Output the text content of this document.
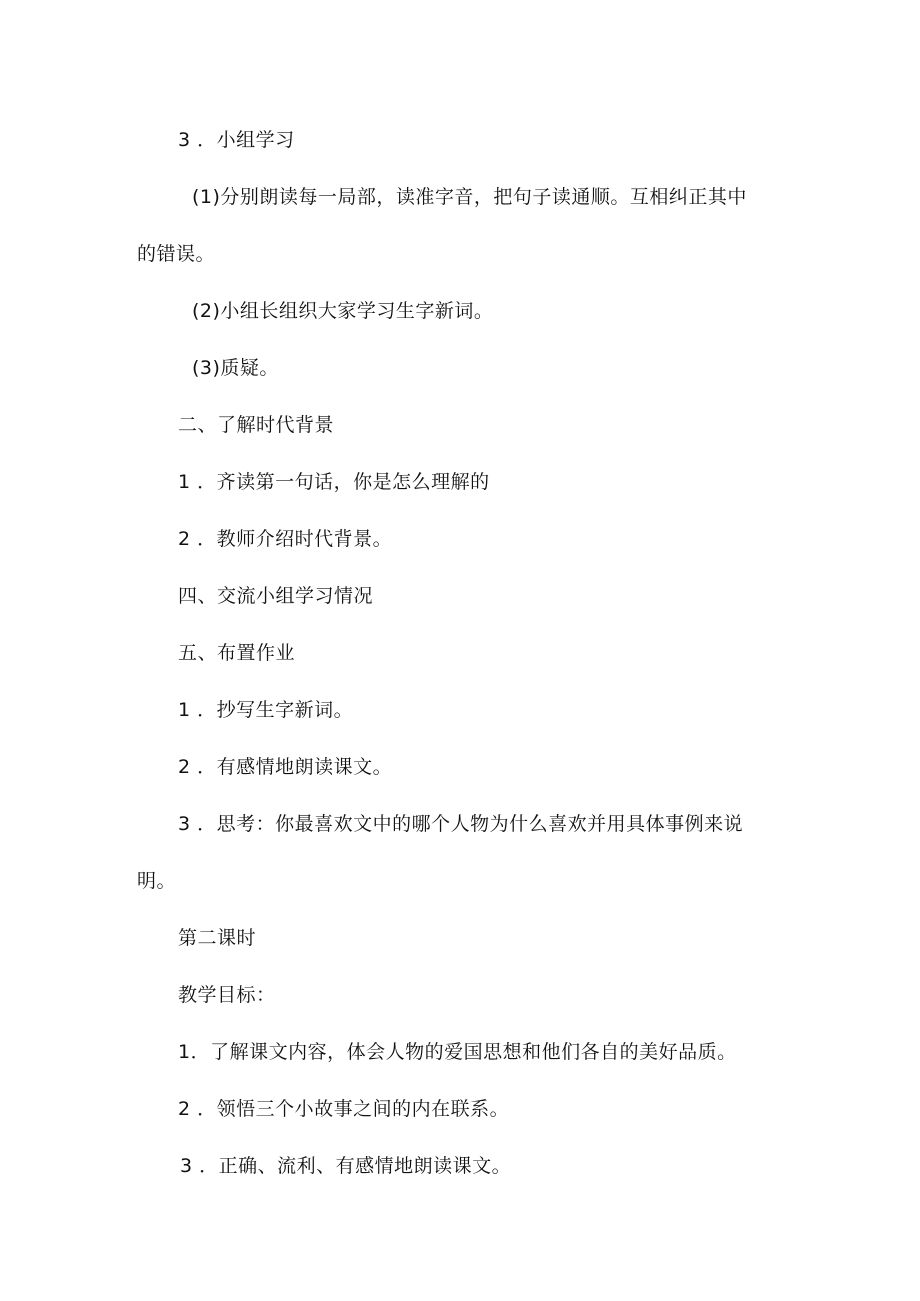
3 ．小组学习
(1)分别朗读每一局部，读准字音，把句子读通顺。互相纠正其中
的错误。
(2)小组长组织大家学习生字新词。
(3)质疑。
二、了解时代背景
1 ．齐读第一句话，你是怎么理解的
2 ．教师介绍时代背景。
四、交流小组学习情况
五、布置作业
1 ．抄写生字新词。
2 ．有感情地朗读课文。
3 ．思考：你最喜欢文中的哪个人物为什么喜欢并用具体事例来说
明。
第二课时
教学目标：
1．了解课文内容，体会人物的爱国思想和他们各自的美好品质。
2 ．领悟三个小故事之间的内在联系。
3 ．正确、流利、有感情地朗读课文。
